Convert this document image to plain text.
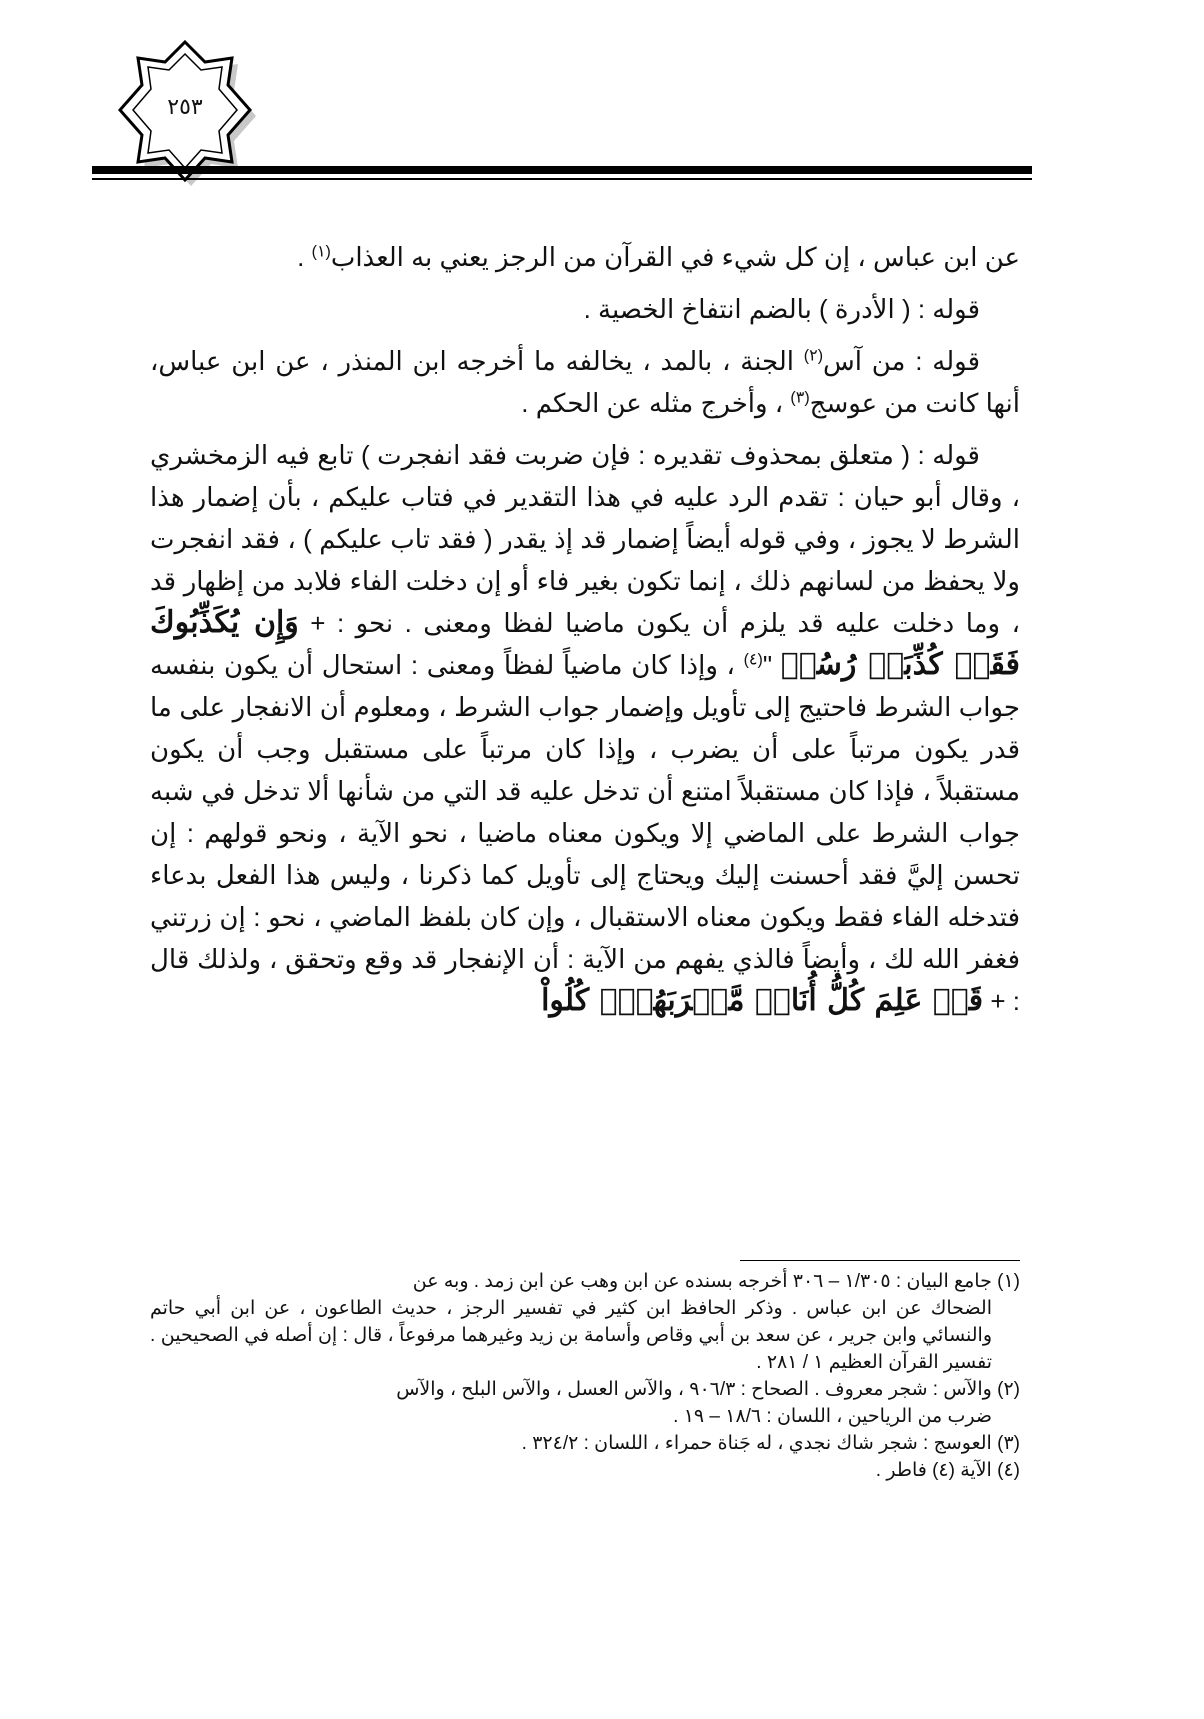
٢٥٣

عن ابن عباس ، إن كل شيء في القرآن من الرجز يعني به العذاب$^{(١)}$ .

قوله : ( الأدرة ) بالضم انتفاخ الخصية .

قوله : من آس$^{(٢)}$ الجنة ، بالمد ، يخالفه ما أخرجه ابن المنذر ، عن ابن عباس، أنها كانت من عوسج$^{(٣)}$ ، وأخرج مثله عن الحكم .

قوله : ( متعلق بمحذوف تقديره : فإن ضربت فقد انفجرت ) تابع فيه الزمخشري ، وقال أبو حيان : تقدم الرد عليه في هذا التقدير في فتاب عليكم ، بأن إضمار هذا الشرط لا يجوز ، وفي قوله أيضاً إضمار قد إذ يقدر ( فقد تاب عليكم ) ، فقد انفجرت ولا يحفظ من لسانهم ذلك ، إنما تكون بغير فاء أو إن دخلت الفاء فلابد من إظهار قد ، وما دخلت عليه قد يلزم أن يكون ماضيا لفظا ومعنى . نحو : + وَإِن يُكَذِّبُوكَ فَقَدۡ كُذِّبَتۡ رُسُلٞ "$^{(٤)}$ ، وإذا كان ماضياً لفظاً ومعنى : استحال أن يكون بنفسه جواب الشرط فاحتيج إلى تأويل وإضمار جواب الشرط ، ومعلوم أن الانفجار على ما قدر يكون مرتباً على أن يضرب ، وإذا كان مرتباً على مستقبل وجب أن يكون مستقبلاً ، فإذا كان مستقبلاً امتنع أن تدخل عليه قد التي من شأنها ألا تدخل في شبه جواب الشرط على الماضي إلا ويكون معناه ماضيا ، نحو الآية ، ونحو قولهم : إن تحسن إليَّ فقد أحسنت إليك ويحتاج إلى تأويل كما ذكرنا ، وليس هذا الفعل بدعاء فتدخله الفاء فقط ويكون معناه الاستقبال ، وإن كان بلفظ الماضي ، نحو : إن زرتني فغفر الله لك ، وأيضاً فالذي يفهم من الآية : أن الإنفجار قد وقع وتحقق ، ولذلك قال : + قَدۡ عَلِمَ كُلُّ أُنَاسٖ مَّشۡرَبَهُمۡۖ كُلُواْ

(١) جامع البيان : ١/٣٠٥ – ٣٠٦ أخرجه بسنده عن ابن وهب عن ابن زمد . وبه عن

الضحاك عن ابن عباس . وذكر الحافظ ابن كثير في تفسير الرجز ، حديث الطاعون ، عن ابن أبي حاتم والنسائي وابن جرير ، عن سعد بن أبي وقاص وأسامة بن زيد وغيرهما مرفوعاً ، قال : إن أصله في الصحيحين . تفسير القرآن العظيم ١ / ٢٨١ .

(٢) والآس : شجر معروف . الصحاح : ٩٠٦/٣ ، والآس العسل ، والآس البلح ، والآس

ضرب من الرياحين ، اللسان : ١٨/٦ – ١٩ .

(٣) العوسج : شجر شاك نجدي ، له جَناة حمراء ، اللسان : ٣٢٤/٢ .

(٤) الآية (٤) فاطر .
